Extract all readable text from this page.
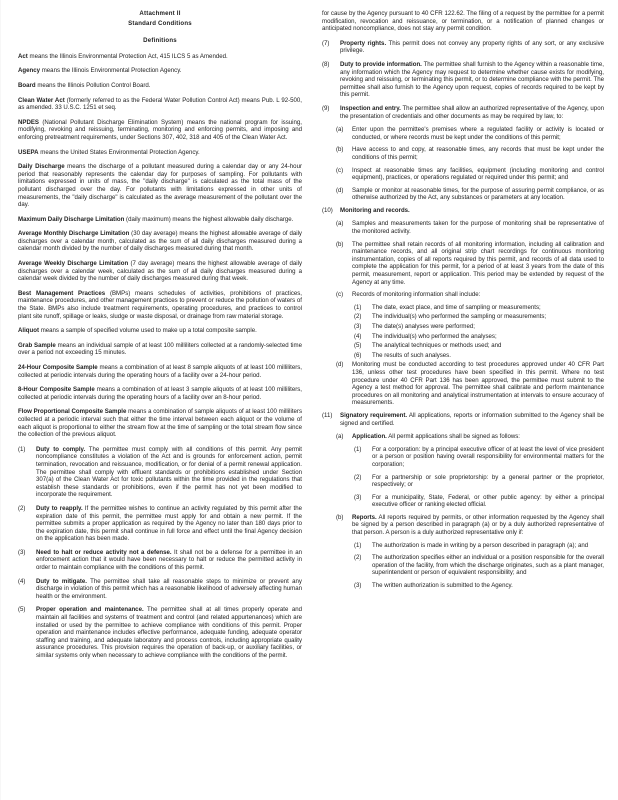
Attachment II

Standard Conditions

Definitions

Act means the Illinois Environmental Protection Act, 415 ILCS 5 as Amended.

Agency means the Illinois Environmental Protection Agency.

Board means the Illinois Pollution Control Board.

Clean Water Act (formerly referred to as the Federal Water Pollution Control Act) means Pub. L 92-500, as amended. 33 U.S.C. 1251 et seq.

NPDES (National Pollutant Discharge Elimination System) means the national program for issuing, modifying, revoking and reissuing, terminating, monitoring and enforcing permits, and imposing and enforcing pretreatment requirements, under Sections 307, 402, 318 and 405 of the Clean Water Act.

USEPA means the United States Environmental Protection Agency.

Daily Discharge means the discharge of a pollutant measured during a calendar day or any 24-hour period that reasonably represents the calendar day for purposes of sampling. For pollutants with limitations expressed in units of mass, the "daily discharge" is calculated as the total mass of the pollutant discharged over the day. For pollutants with limitations expressed in other units of measurements, the "daily discharge" is calculated as the average measurement of the pollutant over the day.

Maximum Daily Discharge Limitation (daily maximum) means the highest allowable daily discharge.

Average Monthly Discharge Limitation (30 day average) means the highest allowable average of daily discharges over a calendar month, calculated as the sum of all daily discharges measured during a calendar month divided by the number of daily discharges measured during that month.

Average Weekly Discharge Limitation (7 day average) means the highest allowable average of daily discharges over a calendar week, calculated as the sum of all daily discharges measured during a calendar week divided by the number of daily discharges measured during that week.

Best Management Practices (BMPs) means schedules of activities, prohibitions of practices, maintenance procedures, and other management practices to prevent or reduce the pollution of waters of the State. BMPs also include treatment requirements, operating procedures, and practices to control plant site runoff, spillage or leaks, sludge or waste disposal, or drainage from raw material storage.

Aliquot means a sample of specified volume used to make up a total composite sample.

Grab Sample means an individual sample of at least 100 milliliters collected at a randomly-selected time over a period not exceeding 15 minutes.

24-Hour Composite Sample means a combination of at least 8 sample aliquots of at least 100 milliliters, collected at periodic intervals during the operating hours of a facility over a 24-hour period.

8-Hour Composite Sample means a combination of at least 3 sample aliquots of at least 100 milliliters, collected at periodic intervals during the operating hours of a facility over an 8-hour period.

Flow Proportional Composite Sample means a combination of sample aliquots of at least 100 milliliters collected at a periodic interval such that either the time interval between each aliquot or the volume of each aliquot is proportional to either the stream flow at the time of sampling or the total stream flow since the collection of the previous aliquot.

(1)	Duty to comply. The permittee must comply with all conditions of this permit. Any permit noncompliance constitutes a violation of the Act and is grounds for enforcement action, permit termination, revocation and reissuance, modification, or for denial of a permit renewal application. The permittee shall comply with effluent standards or prohibitions established under Section 307(a) of the Clean Water Act for toxic pollutants within the time provided in the regulations that establish these standards or prohibitions, even if the permit has not yet been modified to incorporate the requirement.
(2)	Duty to reapply. If the permittee wishes to continue an activity regulated by this permit after the expiration date of this permit, the permittee must apply for and obtain a new permit. If the permittee submits a proper application as required by the Agency no later than 180 days prior to the expiration date, this permit shall continue in full force and effect until the final Agency decision on the application has been made.
(3)	Need to halt or reduce activity not a defense. It shall not be a defense for a permittee in an enforcement action that it would have been necessary to halt or reduce the permitted activity in order to maintain compliance with the conditions of this permit.
(4)	Duty to mitigate. The permittee shall take all reasonable steps to minimize or prevent any discharge in violation of this permit which has a reasonable likelihood of adversely affecting human health or the environment.
(5)	Proper operation and maintenance. The permittee shall at all times properly operate and maintain all facilities and systems of treatment and control (and related appurtenances) which are installed or used by the permittee to achieve compliance with conditions of this permit. Proper operation and maintenance includes effective performance, adequate funding, adequate operator staffing and training, and adequate laboratory and process controls, including appropriate quality assurance procedures. This provision requires the operation of back-up, or auxiliary facilities, or similar systems only when necessary to achieve compliance with the conditions of the permit.

for cause by the Agency pursuant to 40 CFR 122.62. The filing of a request by the permittee for a permit modification, revocation and reissuance, or termination, or a notification of planned changes or anticipated noncompliance, does not stay any permit condition.

(7)	Property rights. This permit does not convey any property rights of any sort, or any exclusive privilege.
(8)	Duty to provide information. The permittee shall furnish to the Agency within a reasonable time, any information which the Agency may request to determine whether cause exists for modifying, revoking and reissuing, or terminating this permit, or to determine compliance with the permit. The permittee shall also furnish to the Agency upon request, copies of records required to be kept by this permit.
(9)	Inspection and entry. The permittee shall allow an authorized representative of the Agency, upon the presentation of credentials and other documents as may be required by law, to:
(a)	Enter upon the permittee's premises where a regulated facility or activity is located or conducted, or where records must be kept under the conditions of this permit;
(b)	Have access to and copy, at reasonable times, any records that must be kept under the conditions of this permit;
(c)	Inspect at reasonable times any facilities, equipment (including monitoring and control equipment), practices, or operations regulated or required under this permit; and
(d)	Sample or monitor at reasonable times, for the purpose of assuring permit compliance, or as otherwise authorized by the Act, any substances or parameters at any location.
(10)	Monitoring and records.
(a)	Samples and measurements taken for the purpose of monitoring shall be representative of the monitored activity.
(b)	The permittee shall retain records of all monitoring information, including all calibration and maintenance records, and all original strip chart recordings for continuous monitoring instrumentation, copies of all reports required by this permit, and records of all data used to complete the application for this permit, for a period of at least 3 years from the date of this permit, measurement, report or application. This period may be extended by request of the Agency at any time.
(c)	Records of monitoring information shall include:
(1)	The date, exact place, and time of sampling or measurements;
(2)	The individual(s) who performed the sampling or measurements;
(3)	The date(s) analyses were performed;
(4)	The individual(s) who performed the analyses;
(5)	The analytical techniques or methods used; and
(6)	The results of such analyses.
(d)	Monitoring must be conducted according to test procedures approved under 40 CFR Part 136, unless other test procedures have been specified in this permit. Where no test procedure under 40 CFR Part 136 has been approved, the permittee must submit to the Agency a test method for approval. The permittee shall calibrate and perform maintenance procedures on all monitoring and analytical instrumentation at intervals to ensure accuracy of measurements.
(11)	Signatory requirement. All applications, reports or information submitted to the Agency shall be signed and certified.
(a)	Application. All permit applications shall be signed as follows:
(1)	For a corporation: by a principal executive officer of at least the level of vice president or a person or position having overall responsibility for environmental matters for the corporation;
(2)	For a partnership or sole proprietorship: by a general partner or the proprietor, respectively; or
(3)	For a municipality, State, Federal, or other public agency: by either a principal executive officer or ranking elected official.
(b)	Reports. All reports required by permits, or other information requested by the Agency shall be signed by a person described in paragraph (a) or by a duly authorized representative of that person. A person is a duly authorized representative only if:
(1)	The authorization is made in writing by a person described in paragraph (a); and
(2)	The authorization specifies either an individual or a position responsible for the overall operation of the facility, from which the discharge originates, such as a plant manager, superintendent or person of equivalent responsibility; and
(3)	The written authorization is submitted to the Agency.
